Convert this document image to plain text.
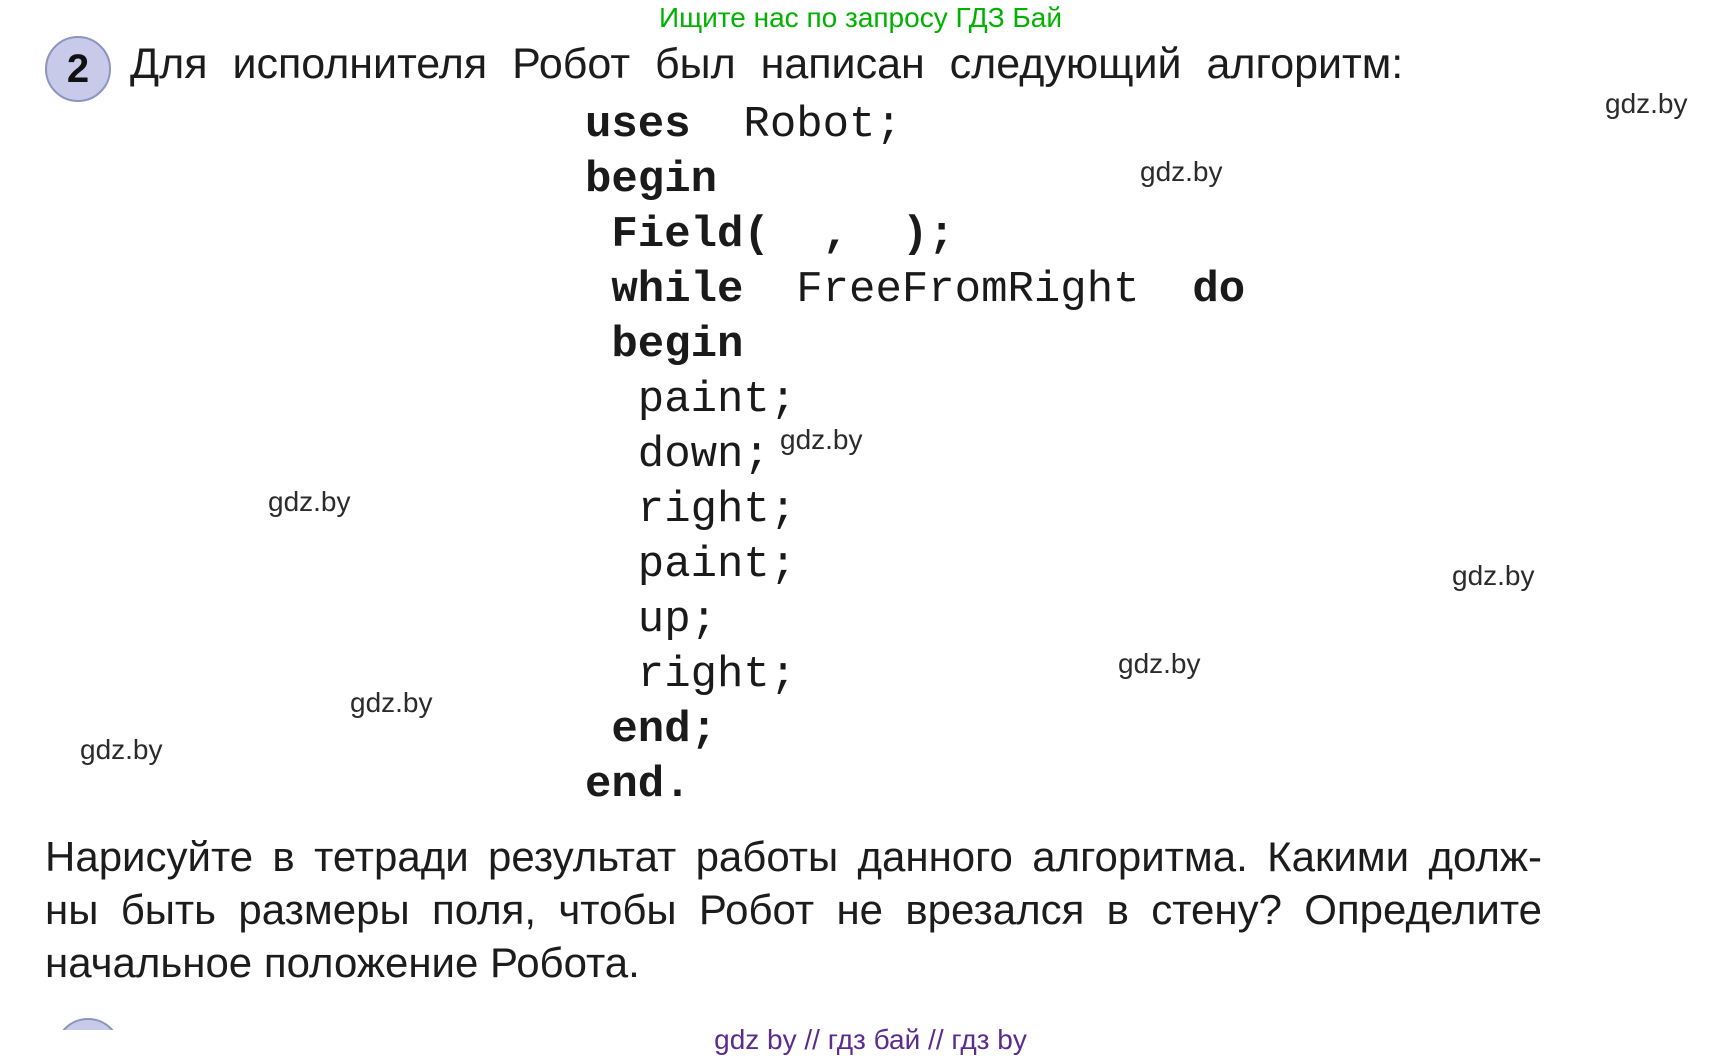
Ищите нас по запросу ГДЗ Бай
2 Для исполнителя Робот был написан следующий алгоритм:
uses  Robot;
begin
Field(  ,  );
while  FreeFromRight  do
begin
paint;
down;
right;
paint;
up;
right;
end;
end.
Нарисуйте в тетради результат работы данного алгоритма. Какими долж-
ны быть размеры поля, чтобы Робот не врезался в стену? Определите
начальное положение Робота.
gdz.by
gdz.by
gdz.by
gdz.by
gdz.by
gdz.by
gdz.by
gdz.by
gdz by // гдз бай // гдз by
